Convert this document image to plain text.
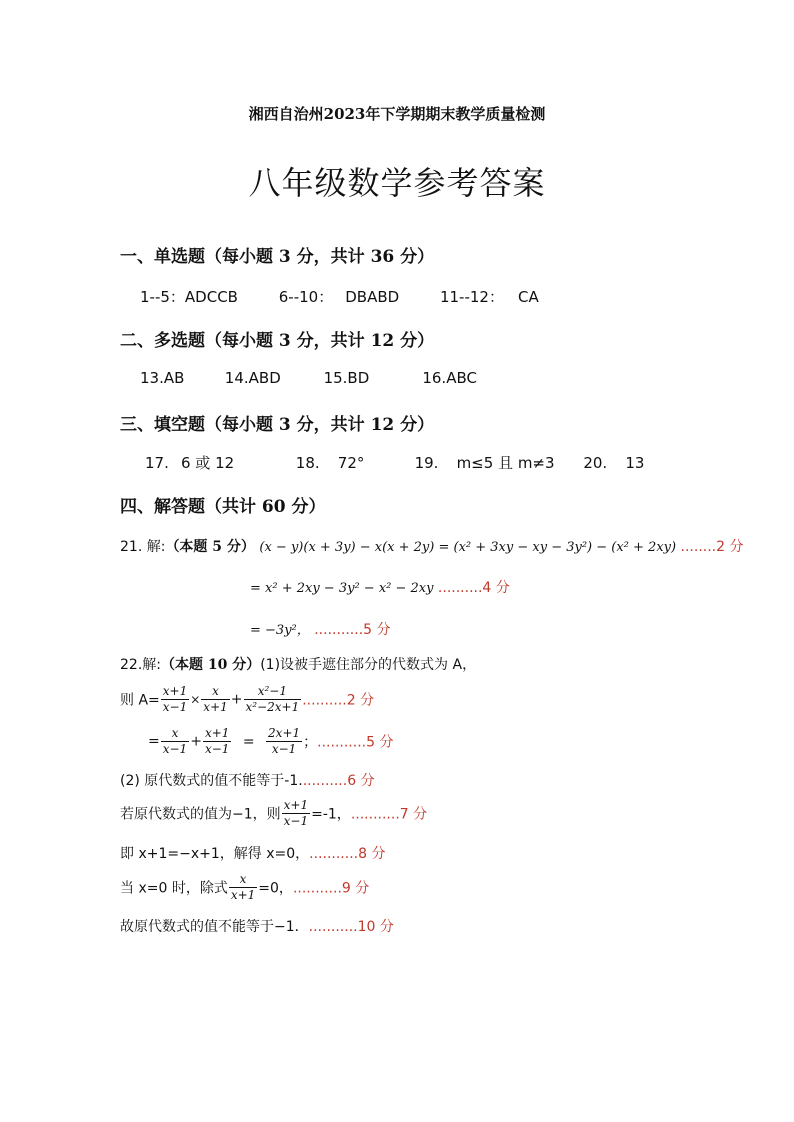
湘西自治州2023年下学期期末教学质量检测
八年级数学参考答案
一、单选题（每小题 3 分，共计 36 分）
1--5：ADCCB	6--10： DBABD	11--12： CA
二、多选题（每小题 3 分，共计 12 分）
13.AB	14.ABD	15.BD	16.ABC
三、填空题（每小题 3 分，共计 12 分）
17. 6 或 12	18. 72°	19. m≤5 且 m≠3 20. 13
四、解答题（共计 60 分）
21. 解:（本题 5 分） (x − y)(x + 3y) − x(x + 2y) = (x² + 3xy − xy − 3y²) − (x² + 2xy) ........2 分
= x² + 2xy − 3y² − x² − 2xy ..........4 分
= −3y²， ...........5 分
22.解:（本题 10 分）(1)设被手遮住部分的代数式为 A，
则 $A= \frac{x+1}{x-1} \times \frac{x}{x+1} + \frac{\text{x²−1}}{\text{x²−2x+1}} ..........2$ 分
= $\frac{x}{x-1} + \frac{x+1}{x-1} = \frac{2x+1}{x-1}$ ；...........5 分
(2) 原代数式的值不能等于-1...........6 分
若原代数式的值为−1，则 $\frac{x+1}{x-1} =-1$，...........7 分
即 x+1=−x+1，解得 x=0，...........8 分
当 x=0 时，除式 $\frac{x}{x+1} =0$，...........9 分
故原代数式的值不能等于−1．...........10 分
